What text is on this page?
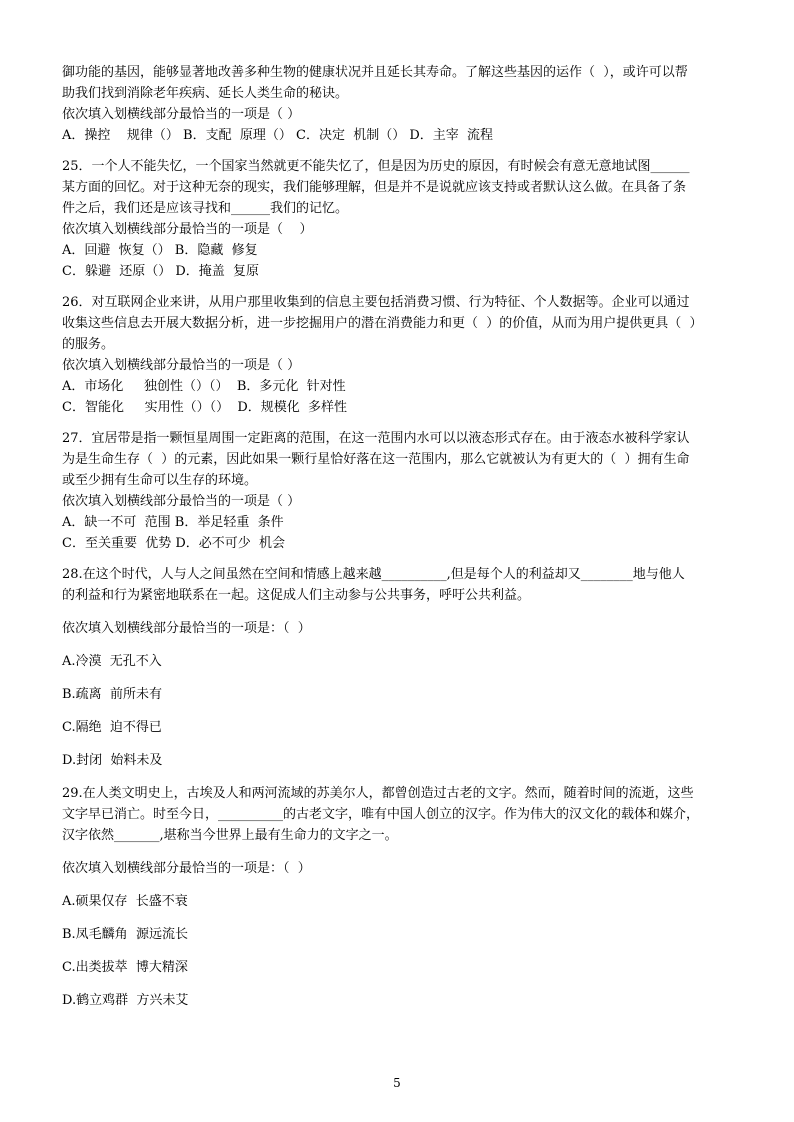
御功能的基因，能够显著地改善多种生物的健康状况并且延长其寿命。了解这些基因的运作（  ），或许可以帮
助我们找到消除老年疾病、延长人类生命的秘诀。
依次填入划横线部分最恰当的一项是（ ）
A．操控    规律（） B．支配  原理（） C．决定  机制（） D．主宰  流程
25．一个人不能失忆，一个国家当然就更不能失忆了，但是因为历史的原因，有时候会有意无意地试图______
某方面的回忆。对于这种无奈的现实，我们能够理解，但是并不是说就应该支持或者默认这么做。在具备了条
件之后，我们还是应该寻找和______我们的记忆。
依次填入划横线部分最恰当的一项是（    ）
A．回避  恢复（） B．隐藏  修复
C．躲避  还原（） D．掩盖  复原
26．对互联网企业来讲，从用户那里收集到的信息主要包括消费习惯、行为特征、个人数据等。企业可以通过
收集这些信息去开展大数据分析，进一步挖掘用户的潜在消费能力和更（  ）的价值，从而为用户提供更具（  ）
的服务。
依次填入划横线部分最恰当的一项是（ ）
A．市场化     独创性（）（）  B．多元化  针对性
C．智能化     实用性（）（）  D．规模化  多样性
27．宜居带是指一颗恒星周围一定距离的范围，在这一范围内水可以以液态形式存在。由于液态水被科学家认
为是生命生存（  ）的元素，因此如果一颗行星恰好落在这一范围内，那么它就被认为有更大的（  ）拥有生命
或至少拥有生命可以生存的环境。
依次填入划横线部分最恰当的一项是（ ）
A．缺一不可  范围 B．举足轻重  条件
C．至关重要  优势 D．必不可少  机会
28.在这个时代，人与人之间虽然在空间和情感上越来越__________,但是每个人的利益却又________地与他人
的利益和行为紧密地联系在一起。这促成人们主动参与公共事务，呼吁公共利益。
依次填入划横线部分最恰当的一项是：（  ）
A.冷漠  无孔不入
B.疏离  前所未有
C.隔绝  迫不得已
D.封闭  始料未及
29.在人类文明史上，古埃及人和两河流域的苏美尔人，都曾创造过古老的文字。然而，随着时间的流逝，这些
文字早已消亡。时至今日，__________的古老文字，唯有中国人创立的汉字。作为伟大的汉文化的载体和媒介，
汉字依然_______,堪称当今世界上最有生命力的文字之一。
依次填入划横线部分最恰当的一项是：（  ）
A.硕果仅存  长盛不衰
B.凤毛麟角  源远流长
C.出类拔萃  博大精深
D.鹤立鸡群  方兴未艾
5
